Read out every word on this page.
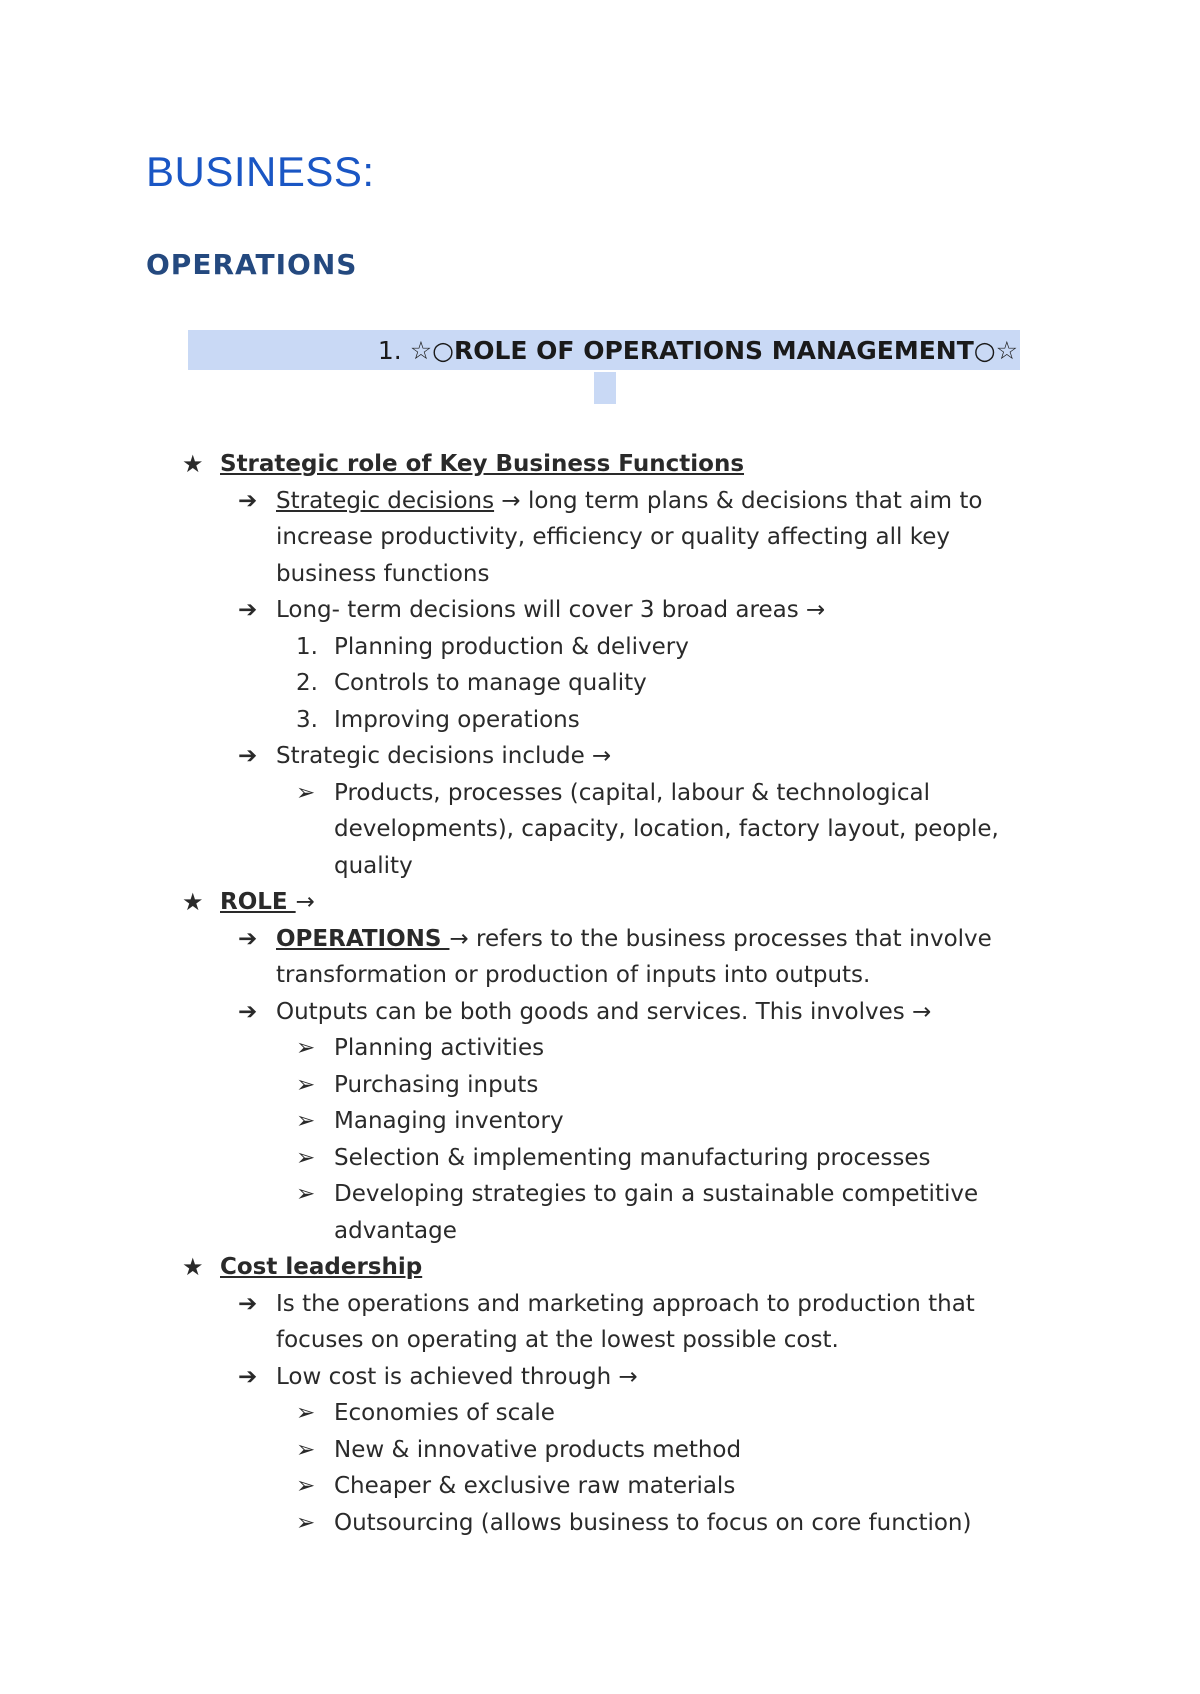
BUSINESS:
OPERATIONS
1. ☆○ROLE OF OPERATIONS MANAGEMENT○☆
★ Strategic role of Key Business Functions
➔ Strategic decisions → long term plans & decisions that aim to
increase productivity, efficiency or quality affecting all key
business functions
➔ Long- term decisions will cover 3 broad areas →
1. Planning production & delivery
2. Controls to manage quality
3. Improving operations
➔ Strategic decisions include →
➢ Products, processes (capital, labour & technological
developments), capacity, location, factory layout, people,
quality
★ ROLE →
➔ OPERATIONS → refers to the business processes that involve
transformation or production of inputs into outputs.
➔ Outputs can be both goods and services. This involves →
➢ Planning activities
➢ Purchasing inputs
➢ Managing inventory
➢ Selection & implementing manufacturing processes
➢ Developing strategies to gain a sustainable competitive
advantage
★ Cost leadership
➔ Is the operations and marketing approach to production that
focuses on operating at the lowest possible cost.
➔ Low cost is achieved through →
➢ Economies of scale
➢ New & innovative products method
➢ Cheaper & exclusive raw materials
➢ Outsourcing (allows business to focus on core function)
